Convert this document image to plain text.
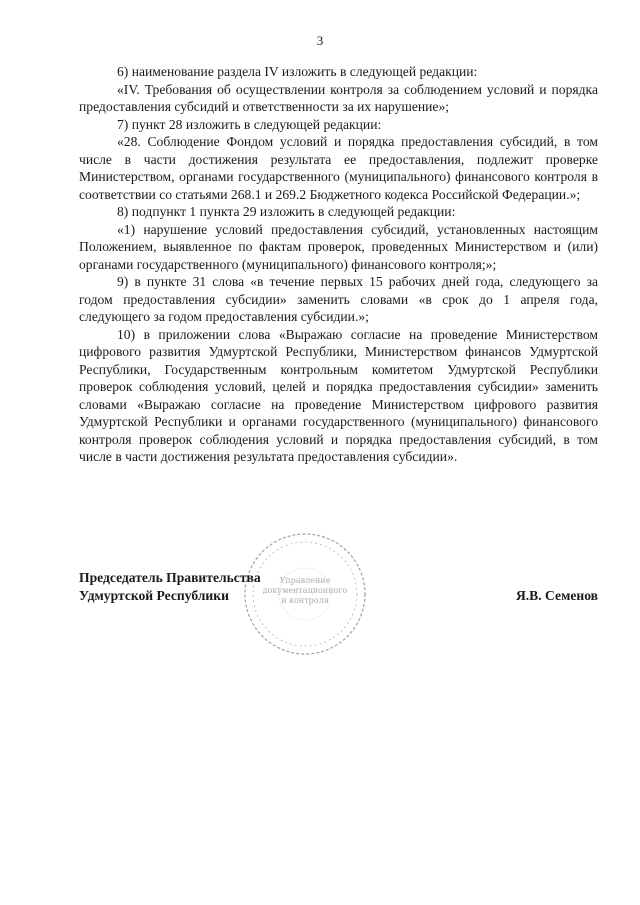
3

6) наименование раздела IV изложить в следующей редакции:

«IV. Требования об осуществлении контроля за соблюдением условий и порядка предоставления субсидий и ответственности за их нарушение»;

7) пункт 28 изложить в следующей редакции:

«28. Соблюдение Фондом условий и порядка предоставления субсидий, в том числе в части достижения результата ее предоставления, подлежит проверке Министерством, органами государственного (муниципального) финансового контроля в соответствии со статьями 268.1 и 269.2 Бюджетного кодекса Российской Федерации.»;

8) подпункт 1 пункта 29 изложить в следующей редакции:

«1) нарушение условий предоставления субсидий, установленных настоящим Положением, выявленное по фактам проверок, проведенных Министерством и (или) органами государственного (муниципального) финансового контроля;»;

9) в пункте 31 слова «в течение первых 15 рабочих дней года, следующего за годом предоставления субсидии» заменить словами «в срок до 1 апреля года, следующего за годом предоставления субсидии.»;

10) в приложении слова «Выражаю согласие на проведение Министерством цифрового развития Удмуртской Республики, Министерством финансов Удмуртской Республики, Государственным контрольным комитетом Удмуртской Республики проверок соблюдения условий, целей и порядка предоставления субсидии» заменить словами «Выражаю согласие на проведение Министерством цифрового развития Удмуртской Республики и органами государственного (муниципального) финансового контроля проверок соблюдения условий и порядка предоставления субсидий, в том числе в части достижения результата предоставления субсидии».

Председатель Правительства
Удмуртской Республики	Я.В. Семенов
Управление
документационного
и контроля
